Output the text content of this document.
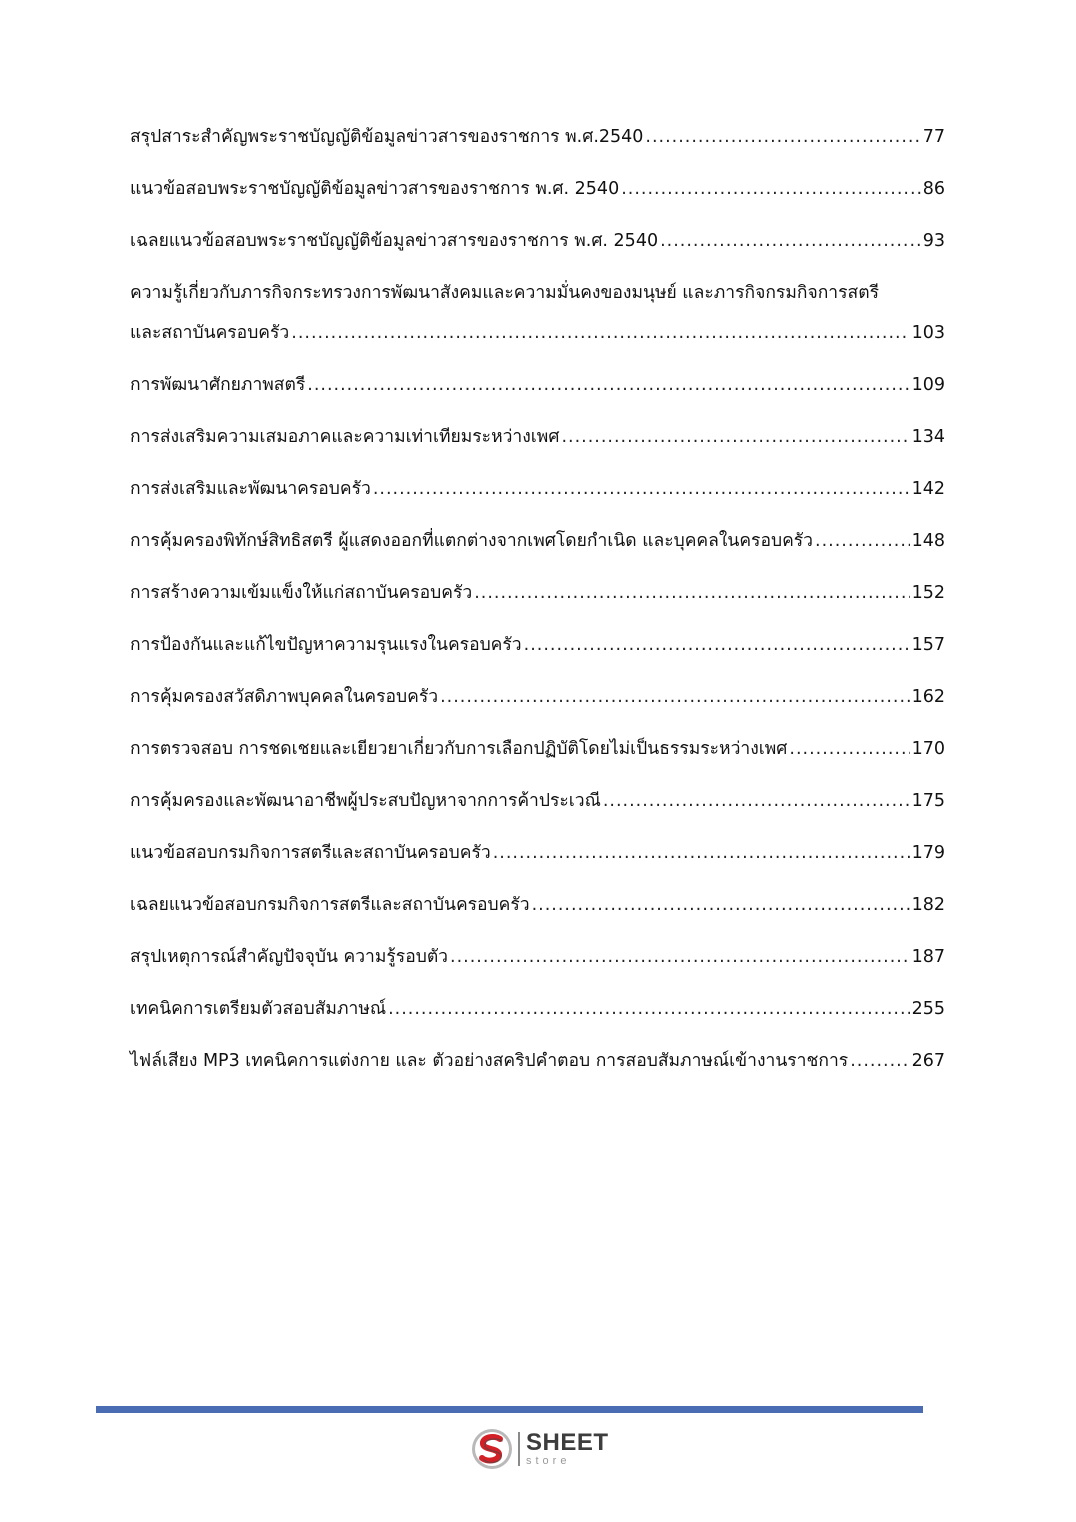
สรุปสาระสำคัญพระราชบัญญัติข้อมูลข่าวสารของราชการ พ.ศ.2540 .....	77
แนวข้อสอบพระราชบัญญัติข้อมูลข่าวสารของราชการ พ.ศ. 2540 .....	86
เฉลยแนวข้อสอบพระราชบัญญัติข้อมูลข่าวสารของราชการ พ.ศ. 2540 .....	93
ความรู้เกี่ยวกับภารกิจกระทรวงการพัฒนาสังคมและความมั่นคงของมนุษย์ และภารกิจกรมกิจการสตรี
และสถาบันครอบครัว .....	103
การพัฒนาศักยภาพสตรี .....	109
การส่งเสริมความเสมอภาคและความเท่าเทียมระหว่างเพศ .....	134
การส่งเสริมและพัฒนาครอบครัว .....	142
การคุ้มครองพิทักษ์สิทธิสตรี ผู้แสดงออกที่แตกต่างจากเพศโดยกำเนิด และบุคคลในครอบครัว .....	148
การสร้างความเข้มแข็งให้แก่สถาบันครอบครัว .....	152
การป้องกันและแก้ไขปัญหาความรุนแรงในครอบครัว .....	157
การคุ้มครองสวัสดิภาพบุคคลในครอบครัว .....	162
การตรวจสอบ การชดเชยและเยียวยาเกี่ยวกับการเลือกปฏิบัติโดยไม่เป็นธรรมระหว่างเพศ .....	170
การคุ้มครองและพัฒนาอาชีพผู้ประสบปัญหาจากการค้าประเวณี .....	175
แนวข้อสอบกรมกิจการสตรีและสถาบันครอบครัว .....	179
เฉลยแนวข้อสอบกรมกิจการสตรีและสถาบันครอบครัว .....	182
สรุปเหตุการณ์สำคัญปัจจุบัน ความรู้รอบตัว .....	187
เทคนิคการเตรียมตัวสอบสัมภาษณ์ .....	255
ไฟล์เสียง MP3 เทคนิคการแต่งกาย และ ตัวอย่างสคริปคำตอบ การสอบสัมภาษณ์เข้างานราชการ .....	267
SHEET
store
